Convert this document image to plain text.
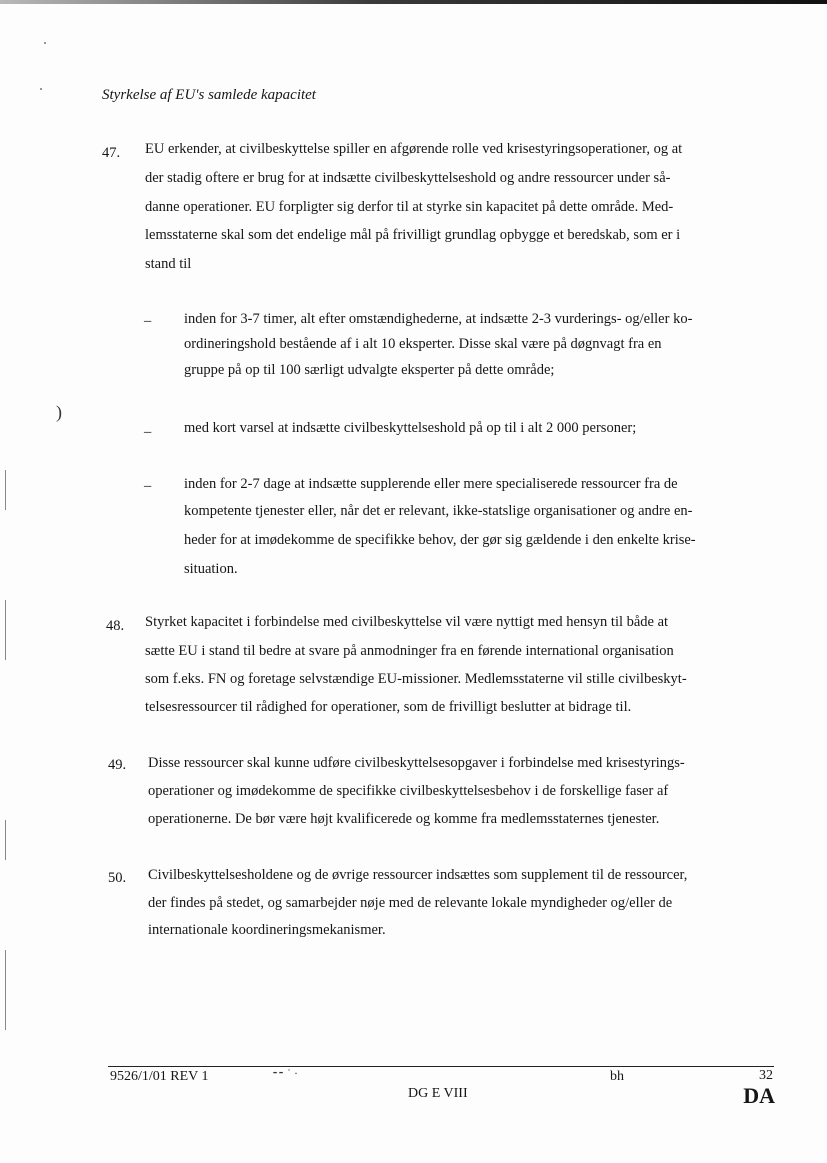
)
Styrkelse af EU's samlede kapacitet
47.	EU erkender, at civilbeskyttelse spiller en afgørende rolle ved krisestyringsoperationer, og at
der stadig oftere er brug for at indsætte civilbeskyttelseshold og andre ressourcer under så-
danne operationer. EU forpligter sig derfor til at styrke sin kapacitet på dette område. Med-
lemsstaterne skal som det endelige mål på frivilligt grundlag opbygge et beredskab, som er i
stand til
– inden for 3-7 timer, alt efter omstændighederne, at indsætte 2-3 vurderings- og/eller ko-
ordineringshold bestående af i alt 10 eksperter. Disse skal være på døgnvagt fra en
gruppe på op til 100 særligt udvalgte eksperter på dette område;
– med kort varsel at indsætte civilbeskyttelseshold på op til i alt 2 000 personer;
– inden for 2-7 dage at indsætte supplerende eller mere specialiserede ressourcer fra de
kompetente tjenester eller, når det er relevant, ikke-statslige organisationer og andre en-
heder for at imødekomme de specifikke behov, der gør sig gældende i den enkelte krise-
situation.
48.	Styrket kapacitet i forbindelse med civilbeskyttelse vil være nyttigt med hensyn til både at
sætte EU i stand til bedre at svare på anmodninger fra en førende international organisation
som f.eks. FN og foretage selvstændige EU-missioner. Medlemsstaterne vil stille civilbeskyt-
telsesressourcer til rådighed for operationer, som de frivilligt beslutter at bidrage til.
49.	Disse ressourcer skal kunne udføre civilbeskyttelsesopgaver i forbindelse med krisestyrings-
operationer og imødekomme de specifikke civilbeskyttelsesbehov i de forskellige faser af
operationerne. De bør være højt kvalificerede og komme fra medlemsstaternes tjenester.
50.	Civilbeskyttelsesholdene og de øvrige ressourcer indsættes som supplement til de ressourcer,
der findes på stedet, og samarbejder nøje med de relevante lokale myndigheder og/eller de
internationale koordineringsmekanismer.
9526/1/01 REV 1	⁃⁃ ˙ ·
DG E VIII
bh	32
DA
